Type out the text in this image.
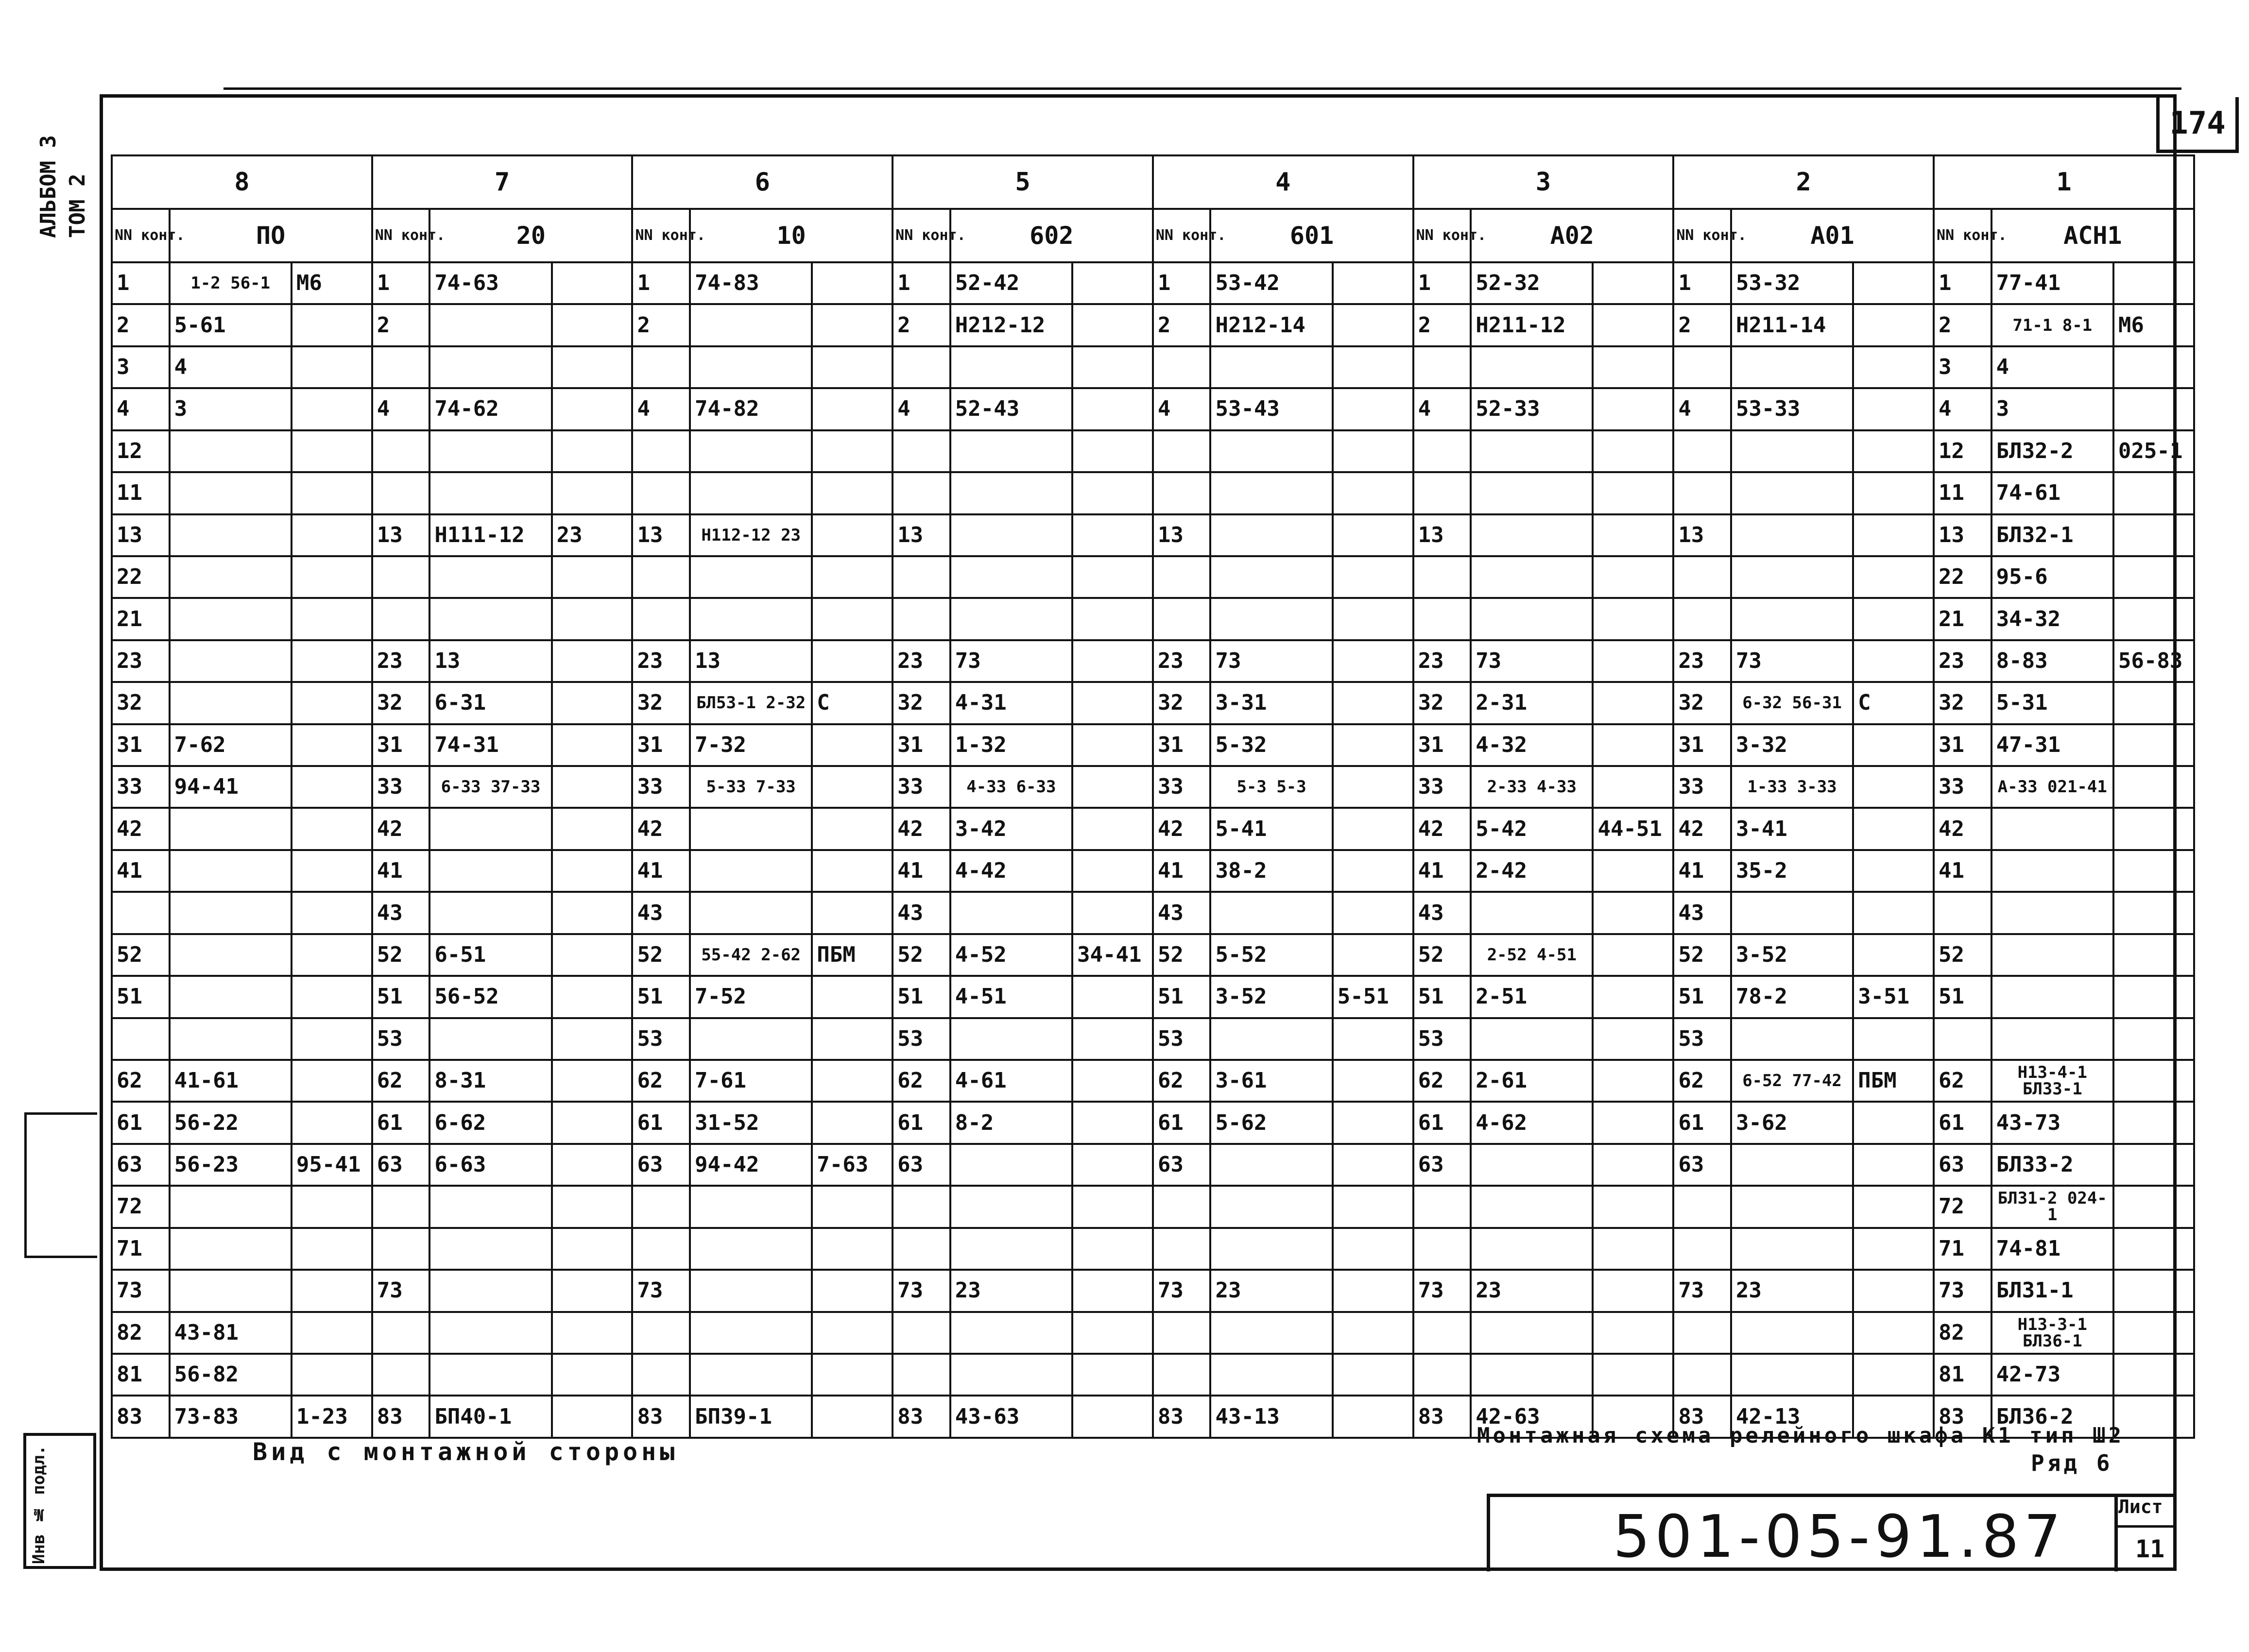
АЛЬБОМ 3 ТОМ 2
174
8			7			6			5			4			3			2			1		
NN конт.	ПО		NN конт.	20		NN конт.	10		NN конт.	602		NN конт.	601		NN конт.	А02		NN конт.	А01		NN конт.	АСН1	
1	1-2 56-1	М6	1	74-63		1	74-83		1	52-42		1	53-42		1	52-32		1	53-32		1	77-41	
2	5-61		2			2			2	Н212-12		2	Н212-14		2	Н211-12		2	Н211-14		2	71-1 8-1	М6
3	4																				3	4	
4	3		4	74-62		4	74-82		4	52-43		4	53-43		4	52-33		4	53-33		4	3	
12																					12	БЛ32-2	025-1
11																					11	74-61	
13			13	Н111-12	23	13	Н112-12 23		13			13			13			13			13	БЛ32-1	
22																					22	95-6	
21																					21	34-32	
23			23	13		23	13		23	73		23	73		23	73		23	73		23	8-83	56-83
32			32	6-31		32	БЛ53-1 2-32	С	32	4-31		32	3-31		32	2-31		32	6-32 56-31	С	32	5-31	
31	7-62		31	74-31		31	7-32		31	1-32		31	5-32		31	4-32		31	3-32		31	47-31	
33	94-41		33	6-33 37-33		33	5-33 7-33		33	4-33 6-33		33	5-3 5-3		33	2-33 4-33		33	1-33 3-33		33	А-33 021-41	
42			42			42			42	3-42		42	5-41		42	5-42	44-51	42	3-41		42		
41			41			41			41	4-42		41	38-2		41	2-42		41	35-2		41		
			43			43			43			43			43			43					
52			52	6-51		52	55-42 2-62	ПБМ	52	4-52	34-41	52	5-52		52	2-52 4-51		52	3-52		52		
51			51	56-52		51	7-52		51	4-51		51	3-52	5-51	51	2-51		51	78-2	3-51	51		
			53			53			53			53			53			53					
62	41-61		62	8-31		62	7-61		62	4-61		62	3-61		62	2-61		62	6-52 77-42	ПБМ	62	Н13-4-1 БЛ33-1	
61	56-22		61	6-62		61	31-52		61	8-2		61	5-62		61	4-62		61	3-62		61	43-73	
63	56-23	95-41	63	6-63		63	94-42	7-63	63			63			63			63			63	БЛ33-2	
72																					72	БЛ31-2 024-1	
71																					71	74-81	
73			73			73			73	23		73	23		73	23		73	23		73	БЛ31-1	
82	43-81																				82	Н13-3-1 БЛ36-1	
81	56-82																				81	42-73	
83	73-83	1-23	83	БП40-1		83	БП39-1		83	43-63		83	43-13		83	42-63		83	42-13		83	БЛ36-2	
Вид с монтажной стороны
Монтажная схема релейного шкафа К1 тип Ш2
Ряд 6
501-05-91.87	Лист
11
Инв № подл.
